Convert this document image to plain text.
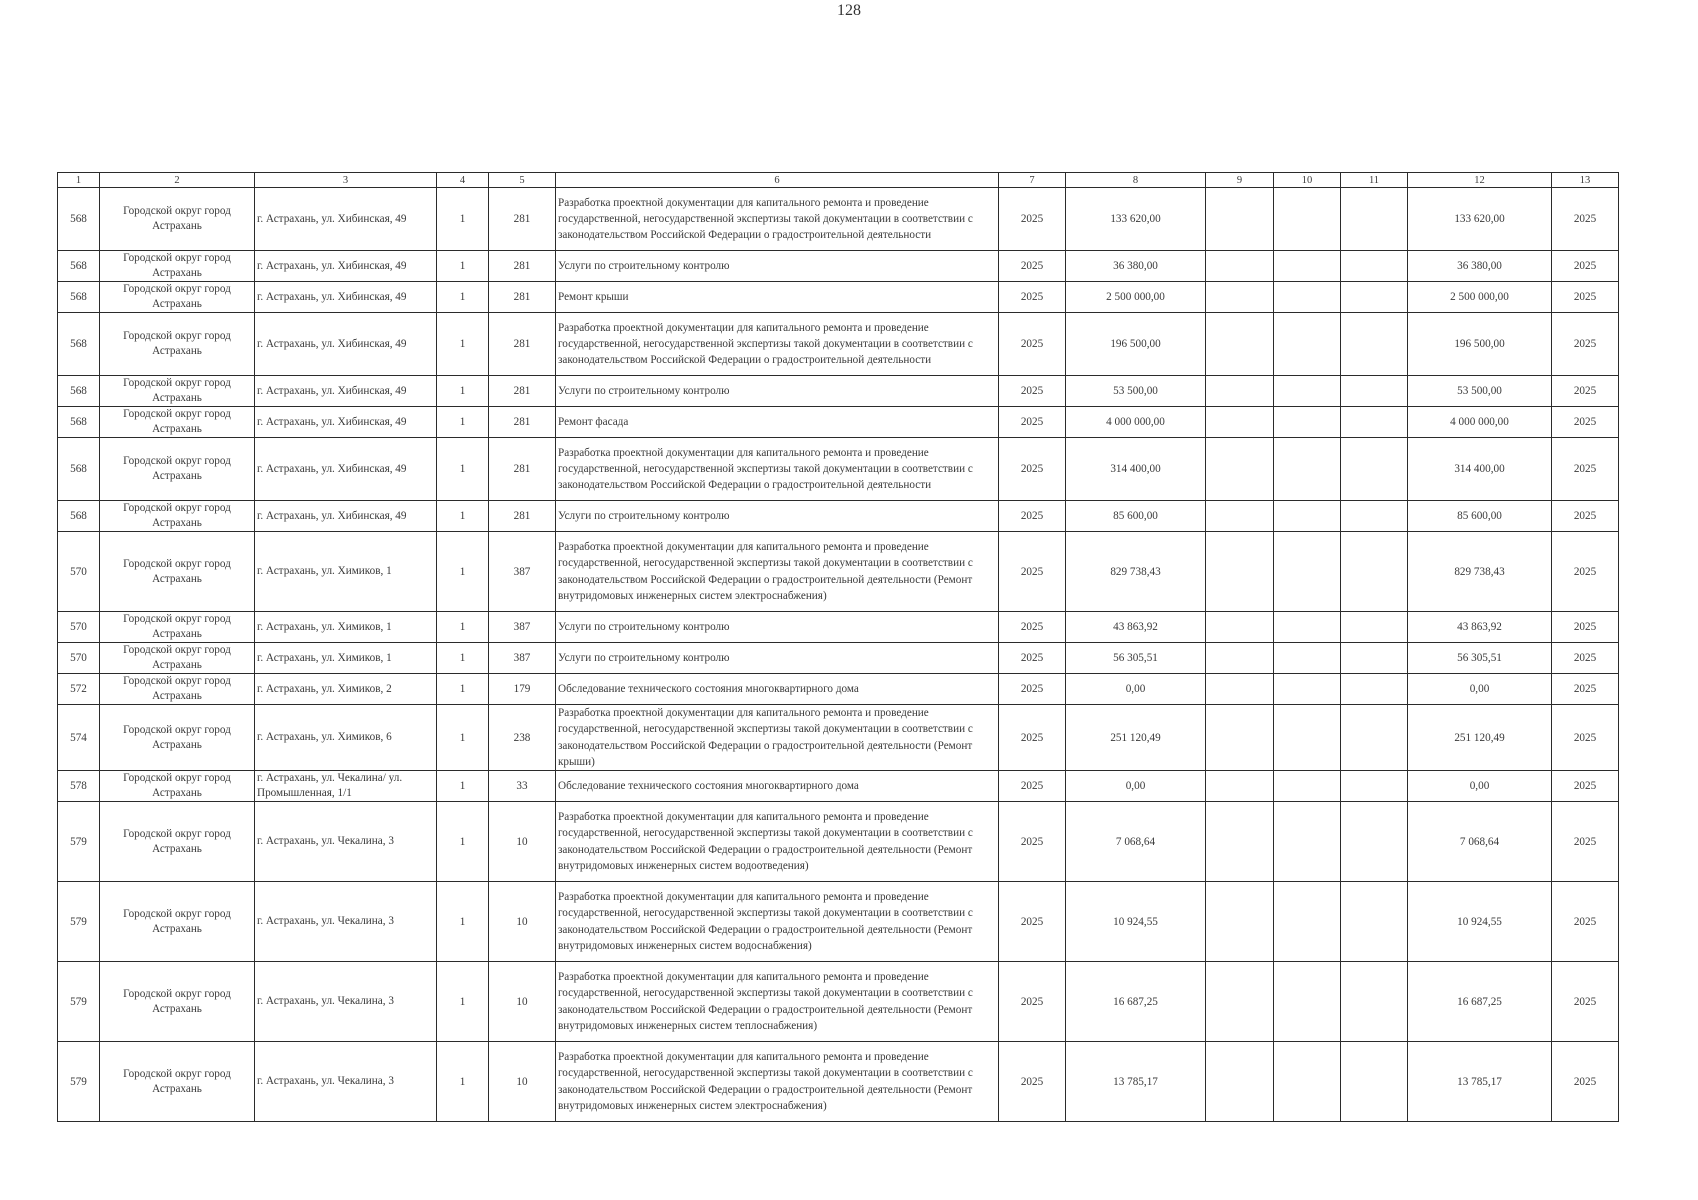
128
1	2	3	4	5	6	7	8	9	10	11	12	13
568	Городской округ город Астрахань	г. Астрахань, ул. Хибинская, 49	1	281	Разработка проектной документации для капитального ремонта и проведение государственной, негосударственной экспертизы такой документации в соответствии с законодательством Российской Федерации о градостроительной деятельности	2025	133 620,00				133 620,00	2025
568	Городской округ город Астрахань	г. Астрахань, ул. Хибинская, 49	1	281	Услуги по строительному контролю	2025	36 380,00				36 380,00	2025
568	Городской округ город Астрахань	г. Астрахань, ул. Хибинская, 49	1	281	Ремонт крыши	2025	2 500 000,00				2 500 000,00	2025
568	Городской округ город Астрахань	г. Астрахань, ул. Хибинская, 49	1	281	Разработка проектной документации для капитального ремонта и проведение государственной, негосударственной экспертизы такой документации в соответствии с законодательством Российской Федерации о градостроительной деятельности	2025	196 500,00				196 500,00	2025
568	Городской округ город Астрахань	г. Астрахань, ул. Хибинская, 49	1	281	Услуги по строительному контролю	2025	53 500,00				53 500,00	2025
568	Городской округ город Астрахань	г. Астрахань, ул. Хибинская, 49	1	281	Ремонт фасада	2025	4 000 000,00				4 000 000,00	2025
568	Городской округ город Астрахань	г. Астрахань, ул. Хибинская, 49	1	281	Разработка проектной документации для капитального ремонта и проведение государственной, негосударственной экспертизы такой документации в соответствии с законодательством Российской Федерации о градостроительной деятельности	2025	314 400,00				314 400,00	2025
568	Городской округ город Астрахань	г. Астрахань, ул. Хибинская, 49	1	281	Услуги по строительному контролю	2025	85 600,00				85 600,00	2025
570	Городской округ город Астрахань	г. Астрахань, ул. Химиков, 1	1	387	Разработка проектной документации для капитального ремонта и проведение государственной, негосударственной экспертизы такой документации в соответствии с законодательством Российской Федерации о градостроительной деятельности (Ремонт внутридомовых инженерных систем электроснабжения)	2025	829 738,43				829 738,43	2025
570	Городской округ город Астрахань	г. Астрахань, ул. Химиков, 1	1	387	Услуги по строительному контролю	2025	43 863,92				43 863,92	2025
570	Городской округ город Астрахань	г. Астрахань, ул. Химиков, 1	1	387	Услуги по строительному контролю	2025	56 305,51				56 305,51	2025
572	Городской округ город Астрахань	г. Астрахань, ул. Химиков, 2	1	179	Обследование технического состояния многоквартирного дома	2025	0,00				0,00	2025
574	Городской округ город Астрахань	г. Астрахань, ул. Химиков, 6	1	238	Разработка проектной документации для капитального ремонта и проведение государственной, негосударственной экспертизы такой документации в соответствии с законодательством Российской Федерации о градостроительной деятельности (Ремонт крыши)	2025	251 120,49				251 120,49	2025
578	Городской округ город Астрахань	г. Астрахань, ул. Чекалина/ ул. Промышленная, 1/1	1	33	Обследование технического состояния многоквартирного дома	2025	0,00				0,00	2025
579	Городской округ город Астрахань	г. Астрахань, ул. Чекалина, 3	1	10	Разработка проектной документации для капитального ремонта и проведение государственной, негосударственной экспертизы такой документации в соответствии с законодательством Российской Федерации о градостроительной деятельности (Ремонт внутридомовых инженерных систем водоотведения)	2025	7 068,64				7 068,64	2025
579	Городской округ город Астрахань	г. Астрахань, ул. Чекалина, 3	1	10	Разработка проектной документации для капитального ремонта и проведение государственной, негосударственной экспертизы такой документации в соответствии с законодательством Российской Федерации о градостроительной деятельности (Ремонт внутридомовых инженерных систем водоснабжения)	2025	10 924,55				10 924,55	2025
579	Городской округ город Астрахань	г. Астрахань, ул. Чекалина, 3	1	10	Разработка проектной документации для капитального ремонта и проведение государственной, негосударственной экспертизы такой документации в соответствии с законодательством Российской Федерации о градостроительной деятельности (Ремонт внутридомовых инженерных систем теплоснабжения)	2025	16 687,25				16 687,25	2025
579	Городской округ город Астрахань	г. Астрахань, ул. Чекалина, 3	1	10	Разработка проектной документации для капитального ремонта и проведение государственной, негосударственной экспертизы такой документации в соответствии с законодательством Российской Федерации о градостроительной деятельности (Ремонт внутридомовых инженерных систем электроснабжения)	2025	13 785,17				13 785,17	2025
